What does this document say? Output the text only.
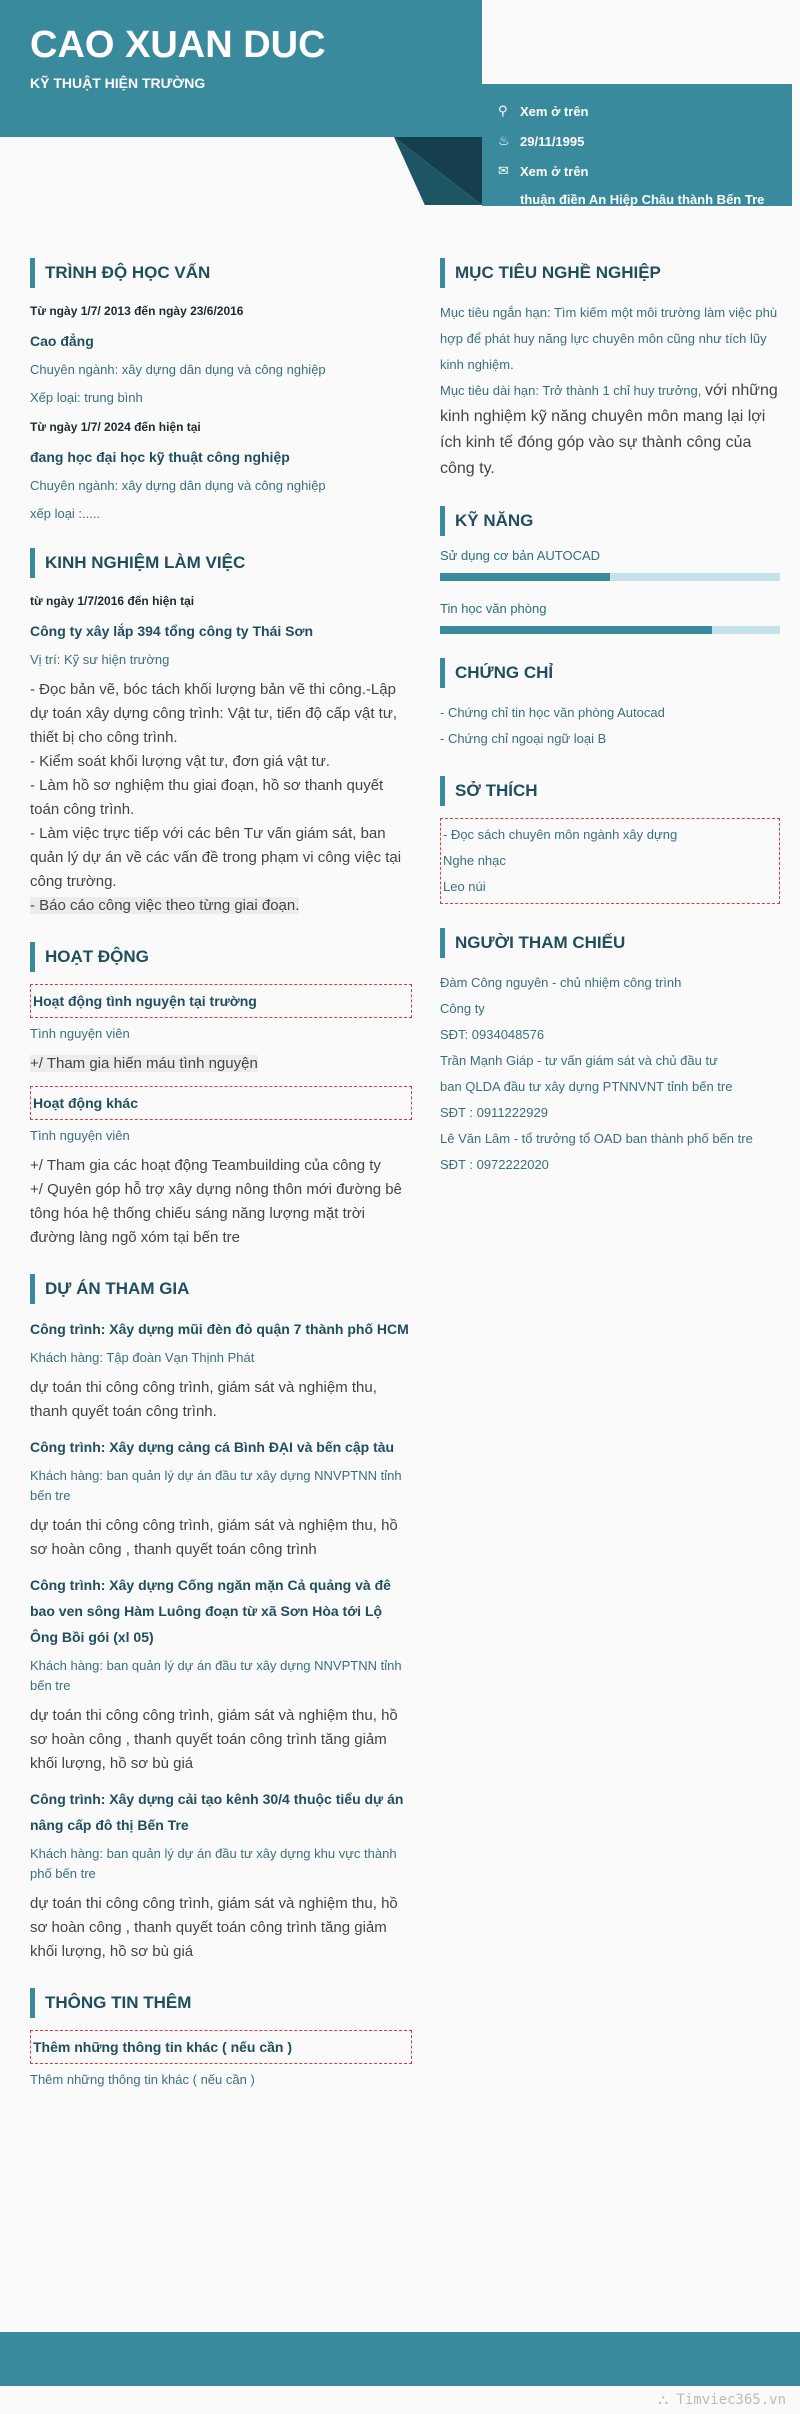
CAO XUAN DUC
KỸ THUẬT HIỆN TRƯỜNG
⚲ Xem ở trên
♨ 29/11/1995
✉ Xem ở trên
thuận điền An Hiệp Châu thành Bến Tre
TRÌNH ĐỘ HỌC VẤN
Từ ngày 1/7/ 2013 đến ngày 23/6/2016
Cao đẳng
Chuyên ngành: xây dựng dân dụng và công nghiệp
Xếp loại: trung bình
Từ ngày 1/7/ 2024 đến hiện tại
đang học đại học kỹ thuật công nghiệp
Chuyên ngành: xây dựng dân dụng và công nghiệp
xếp loại :.....
KINH NGHIỆM LÀM VIỆC
từ ngày 1/7/2016 đến hiện tại
Công ty xây lắp 394 tổng công ty Thái Sơn
Vị trí: Kỹ sư hiện trường
- Đọc bản vẽ, bóc tách khối lượng bản vẽ thi công.-Lập dự toán xây dựng công trình: Vật tư, tiến độ cấp vật tư, thiết bị cho công trình.
- Kiểm soát khối lượng vật tư, đơn giá vật tư.
- Làm hồ sơ nghiệm thu giai đoạn, hồ sơ thanh quyết toán công trình.
- Làm việc trực tiếp với các bên Tư vấn giám sát, ban quản lý dự án về các vấn đề trong phạm vi công việc tại công trường.
- Báo cáo công việc theo từng giai đoạn.
HOẠT ĐỘNG
Hoạt động tình nguyện tại trường
Tình nguyện viên
+/ Tham gia hiến máu tình nguyện
Hoạt động khác
Tình nguyện viên
+/ Tham gia các hoạt động Teambuilding của công ty
+/ Quyên góp hỗ trợ xây dựng nông thôn mới đường bê tông hóa hệ thống chiếu sáng năng lượng mặt trời đường làng ngõ xóm tại bến tre
DỰ ÁN THAM GIA
Công trình: Xây dựng mũi đèn đỏ quận 7 thành phố HCM
Khách hàng: Tập đoàn Vạn Thịnh Phát
dự toán thi công công trình, giám sát và nghiệm thu, thanh quyết toán công trình.
Công trình: Xây dựng cảng cá Bình ĐẠI và bến cập tàu
Khách hàng: ban quản lý dự án đầu tư xây dựng NNVPTNN tỉnh bến tre
dự toán thi công công trình, giám sát và nghiệm thu, hồ sơ hoàn công , thanh quyết toán công trình
Công trình: Xây dựng Cống ngăn mặn Cả quảng và đê bao ven sông Hàm Luông đoạn từ xã Sơn Hòa tới Lộ Ông Bồi gói (xl 05)
Khách hàng: ban quản lý dự án đầu tư xây dựng NNVPTNN tỉnh bến tre
dự toán thi công công trình, giám sát và nghiệm thu, hồ sơ hoàn công , thanh quyết toán công trình tăng giảm khối lượng, hồ sơ bù giá
Công trình: Xây dựng cải tạo kênh 30/4 thuộc tiểu dự án nâng cấp đô thị Bến Tre
Khách hàng: ban quản lý dự án đầu tư xây dựng khu vực thành phố bến tre
dự toán thi công công trình, giám sát và nghiệm thu, hồ sơ hoàn công , thanh quyết toán công trình tăng giảm khối lượng, hồ sơ bù giá
THÔNG TIN THÊM
Thêm những thông tin khác ( nếu cần )
Thêm những thông tin khác ( nếu cần )
MỤC TIÊU NGHỀ NGHIỆP
Mục tiêu ngắn hạn: Tìm kiếm một môi trường làm việc phù hợp để phát huy năng lực chuyên môn cũng như tích lũy kinh nghiệm.
Mục tiêu dài hạn: Trở thành 1 chỉ huy trưởng, với những kinh nghiệm kỹ năng chuyên môn mang lại lợi ích kinh tế đóng góp vào sự thành công của công ty.
KỸ NĂNG
Sử dụng cơ bản AUTOCAD
Tin học văn phòng
CHỨNG CHỈ
- Chứng chỉ tin học văn phòng Autocad
- Chứng chỉ ngoại ngữ loại B
SỞ THÍCH
- Đọc sách chuyên môn ngành xây dựng
Nghe nhạc
Leo núi
NGƯỜI THAM CHIẾU
Đàm Công nguyên - chủ nhiệm công trình
Công ty
SĐT: 0934048576
Trần Mạnh Giáp - tư vấn giám sát và chủ đầu tư
ban QLDA đầu tư xây dựng PTNNVNT tỉnh bến tre
SĐT : 0911222929
Lê Văn Lâm - tổ trưởng tổ OAD ban thành phố bến tre
SĐT : 0972222020
⛬ Timviec365.vn
